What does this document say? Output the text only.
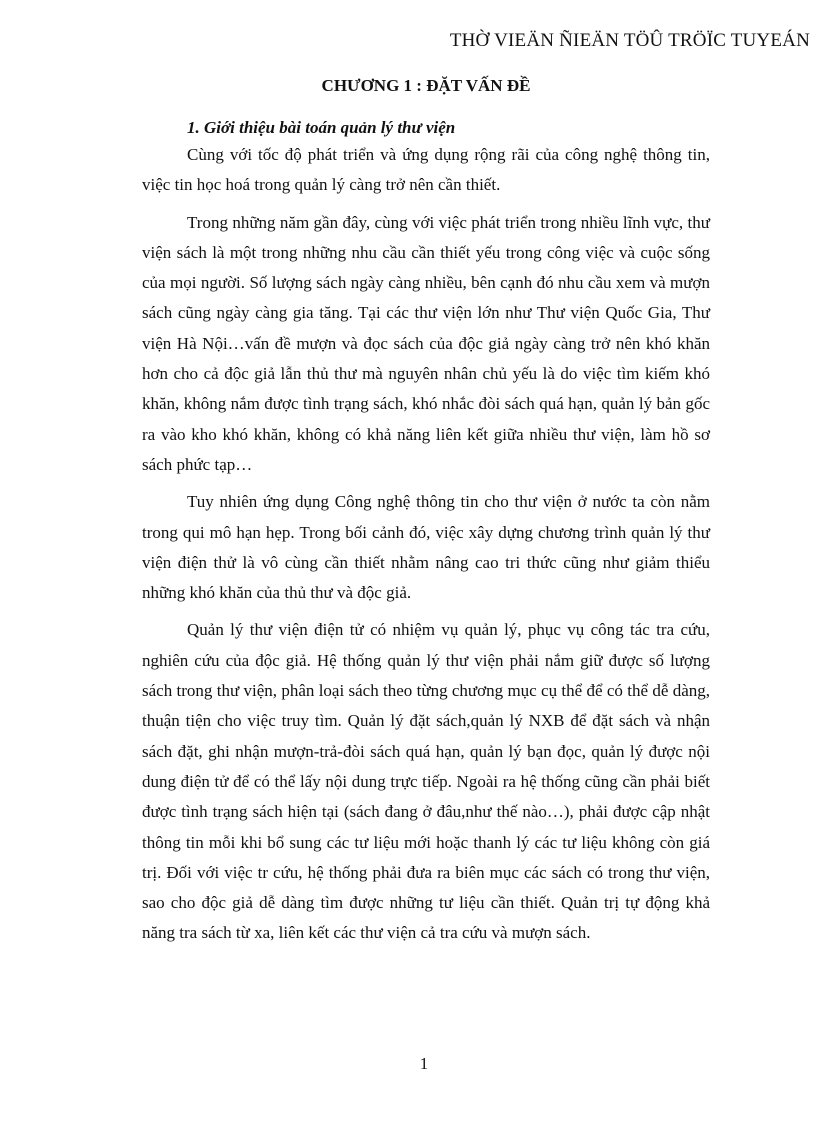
THỜ VIEÄN ÑIEÄN TÖÛ TRÖÏC TUYEÁN
CHƯƠNG 1 : ĐẶT VẤN ĐỀ
1. Giới thiệu bài toán quản lý thư viện

Cùng với tốc độ phát triển và ứng dụng rộng rãi của công nghệ thông tin, việc tin học hoá trong quản lý càng trở nên cần thiết.

Trong những năm gần đây, cùng với việc phát triển trong nhiều lĩnh vực, thư viện sách là một trong những nhu cầu cần thiết yếu trong công việc và cuộc sống của mọi người. Số lượng sách ngày càng nhiều, bên cạnh đó nhu cầu xem và mượn sách cũng ngày càng gia tăng. Tại các thư viện lớn như Thư viện Quốc Gia, Thư viện Hà Nội…vấn đề mượn và đọc sách của độc giả ngày càng trở nên khó khăn hơn cho cả độc giả lẫn thủ thư mà nguyên nhân chủ yếu là do việc tìm kiếm khó khăn, không nắm được tình trạng sách, khó nhắc đòi sách quá hạn, quản lý bản gốc ra vào kho khó khăn, không có khả năng liên kết giữa nhiều thư viện, làm hồ sơ sách phức tạp…

Tuy nhiên ứng dụng Công nghệ thông tin cho thư viện ở nước ta còn nằm trong qui mô hạn hẹp. Trong bối cảnh đó, việc xây dựng chương trình quản lý thư viện điện thử là vô cùng cần thiết nhằm nâng cao tri thức cũng như giảm thiểu những khó khăn của thủ thư và độc giả.

Quản lý thư viện điện tử có nhiệm vụ quản lý, phục vụ công tác tra cứu, nghiên cứu của độc giả. Hệ thống quản lý thư viện phải nắm giữ được số lượng sách trong thư viện, phân loại sách theo từng chương mục cụ thể để có thể dễ dàng, thuận tiện cho việc truy tìm. Quản lý đặt sách,quản lý NXB để đặt sách và nhận sách đặt, ghi nhận mượn-trả-đòi sách quá hạn, quản lý bạn đọc, quản lý được nội dung điện tử để có thể lấy nội dung trực tiếp. Ngoài ra hệ thống cũng cần phải biết được tình trạng sách hiện tại (sách đang ở đâu,như thế nào…), phải được cập nhật thông tin mỗi khi bổ sung các tư liệu mới hoặc thanh lý các tư liệu không còn giá trị. Đối với việc tr cứu, hệ thống phải đưa ra biên mục các sách có trong thư viện, sao cho độc giả dễ dàng tìm được những tư liệu cần thiết. Quản trị tự động khả năng tra sách từ xa, liên kết các thư viện cả tra cứu và mượn sách.

1
